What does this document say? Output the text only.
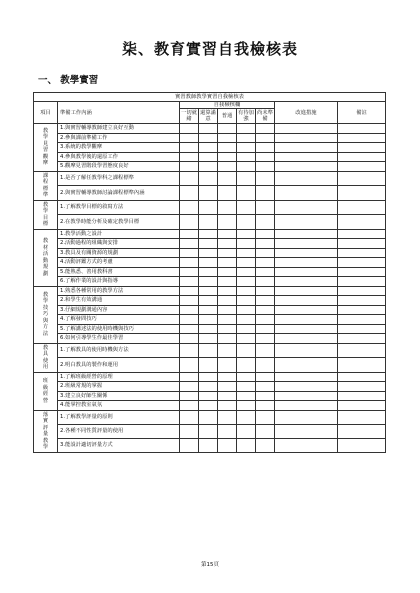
柒、教育實習自我檢核表
一、 教學實習
實習教師教學實習自我檢核表								
項目	準備工作內涵	自我檢核欄					改進措施	備註
		一切就緒	還算滿意	普通	有待加強	尚未準備		

教學見習觀摩	1.與實習輔導教師建立良好互動							
	2.參與課前準備工作							
	3.系統的教學觀摩							
	4.參與教學後的還原工作							
	5.觀摩見習階段學習態度良好							
課程標準	1.是否了解任教學科之課程標準							
	2.與實習輔導教師討論課程標準內涵							
教學目標	1.了解教學目標的敘寫方法							
	2.在教學時能分析及確定教學目標							
教材活動規劃	1.教學活動之設計							
	2.活動過程的組織與安排							
	3.教具及有關資源的規劃							
	4.活動評鑑方式的考慮							
	5.能熟悉、善用教科書							
	6.了解作業的設計與指導							
教學技巧與方法	1.熟悉各種常用的教學方法							
	2.和學生有效溝通							
	3.仔細規劃溝通內容							
	4.了解發問技巧							
	5.了解講述法的使用時機與技巧							
	6.如何引導學生作最佳學習							
教具使用	1.了解教具的使用時機與方法							
	2.明白教具的製作和運用							
班級經營	1.了解班級經營的原理							
	2.班級常規的掌握							
	3.建立良好師生關係							
	4.能掌控教室氣氛							
落實評量教學	1.了解教學評量的原則							
	2.各種不同性質評量的使用							
	3.能設計適切評量方式							
第15頁
